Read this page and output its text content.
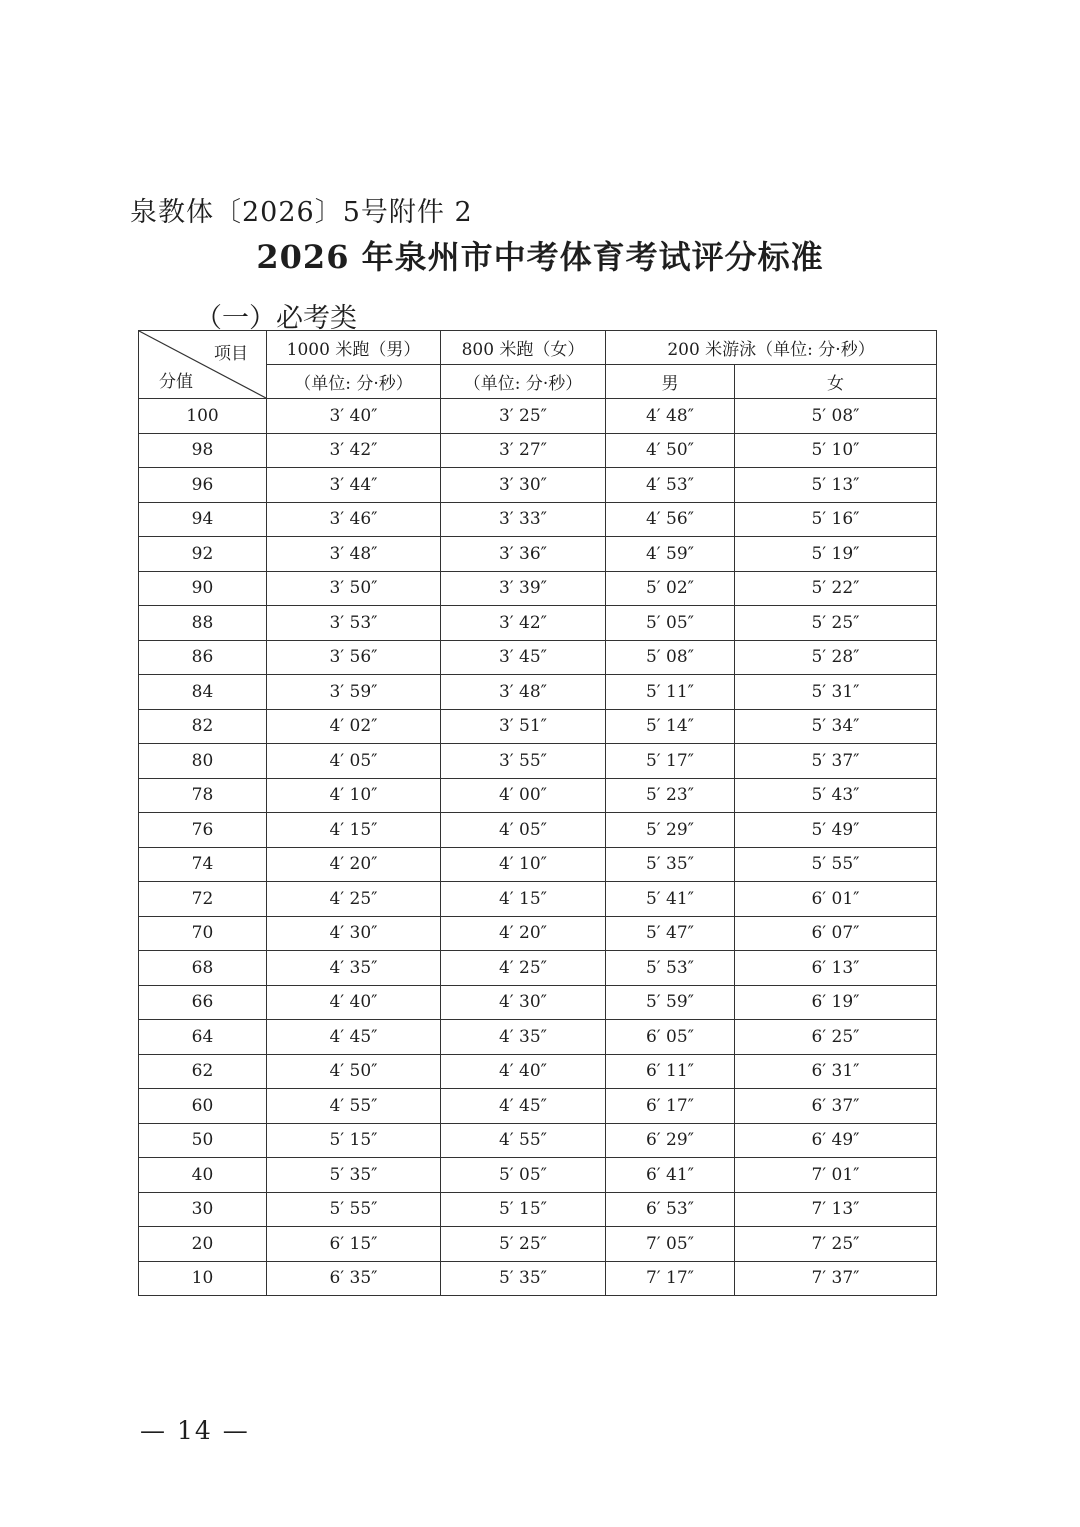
泉教体〔2026〕5号附件 2
2026 年泉州市中考体育考试评分标准
（一）必考类
项目
分值	1000 米跑（男）	800 米跑（女）	200 米游泳（单位: 分·秒）	
	（单位: 分·秒）	（单位: 分·秒）	男	女
100	3′ 40″	3′ 25″	4′ 48″	5′ 08″
98	3′ 42″	3′ 27″	4′ 50″	5′ 10″
96	3′ 44″	3′ 30″	4′ 53″	5′ 13″
94	3′ 46″	3′ 33″	4′ 56″	5′ 16″
92	3′ 48″	3′ 36″	4′ 59″	5′ 19″
90	3′ 50″	3′ 39″	5′ 02″	5′ 22″
88	3′ 53″	3′ 42″	5′ 05″	5′ 25″
86	3′ 56″	3′ 45″	5′ 08″	5′ 28″
84	3′ 59″	3′ 48″	5′ 11″	5′ 31″
82	4′ 02″	3′ 51″	5′ 14″	5′ 34″
80	4′ 05″	3′ 55″	5′ 17″	5′ 37″
78	4′ 10″	4′ 00″	5′ 23″	5′ 43″
76	4′ 15″	4′ 05″	5′ 29″	5′ 49″
74	4′ 20″	4′ 10″	5′ 35″	5′ 55″
72	4′ 25″	4′ 15″	5′ 41″	6′ 01″
70	4′ 30″	4′ 20″	5′ 47″	6′ 07″
68	4′ 35″	4′ 25″	5′ 53″	6′ 13″
66	4′ 40″	4′ 30″	5′ 59″	6′ 19″
64	4′ 45″	4′ 35″	6′ 05″	6′ 25″
62	4′ 50″	4′ 40″	6′ 11″	6′ 31″
60	4′ 55″	4′ 45″	6′ 17″	6′ 37″
50	5′ 15″	4′ 55″	6′ 29″	6′ 49″
40	5′ 35″	5′ 05″	6′ 41″	7′ 01″
30	5′ 55″	5′ 15″	6′ 53″	7′ 13″
20	6′ 15″	5′ 25″	7′ 05″	7′ 25″
10	6′ 35″	5′ 35″	7′ 17″	7′ 37″
— 14 —
